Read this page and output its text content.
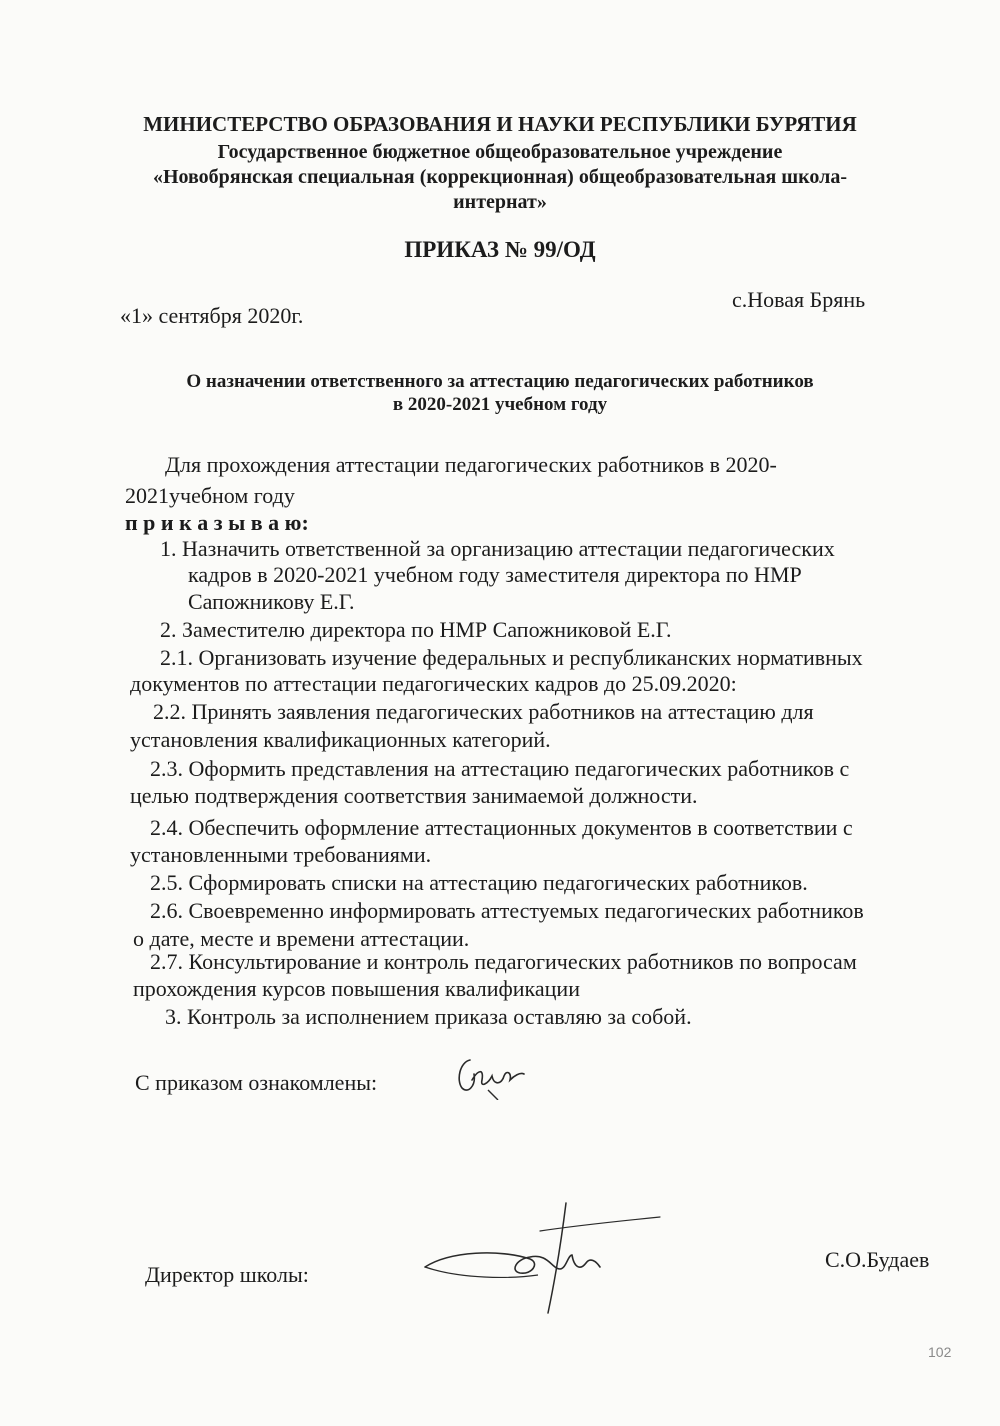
МИНИСТЕРСТВО ОБРАЗОВАНИЯ И НАУКИ РЕСПУБЛИКИ БУРЯТИЯ
Государственное бюджетное общеобразовательное учреждение
«Новобрянская специальная (коррекционная) общеобразовательная школа-
интернат»
ПРИКАЗ № 99/ОД
«1» сентября 2020г.
с.Новая Брянь
О назначении ответственного за аттестацию педагогических работников
в 2020-2021 учебном году
Для прохождения аттестации педагогических работников в 2020-
2021учебном году
п р и к а з ы в а ю:
1. Назначить ответственной за организацию аттестации педагогических
кадров в 2020-2021 учебном году заместителя директора по НМР
Сапожникову Е.Г.
2. Заместителю директора по НМР Сапожниковой Е.Г.
2.1. Организовать изучение федеральных и республиканских нормативных
документов по аттестации педагогических кадров до 25.09.2020:
2.2. Принять заявления педагогических работников на аттестацию для
установления квалификационных категорий.
2.3. Оформить представления на аттестацию педагогических работников с
целью подтверждения соответствия занимаемой должности.
2.4. Обеспечить оформление аттестационных документов в соответствии с
установленными требованиями.
2.5. Сформировать списки на аттестацию педагогических работников.
2.6. Своевременно информировать аттестуемых педагогических работников
о дате, месте и времени аттестации.
2.7. Консультирование и контроль педагогических работников по вопросам
прохождения курсов повышения квалификации
3. Контроль за исполнением приказа оставляю за собой.
С приказом ознакомлены:
Директор школы:
С.О.Будаев
102
